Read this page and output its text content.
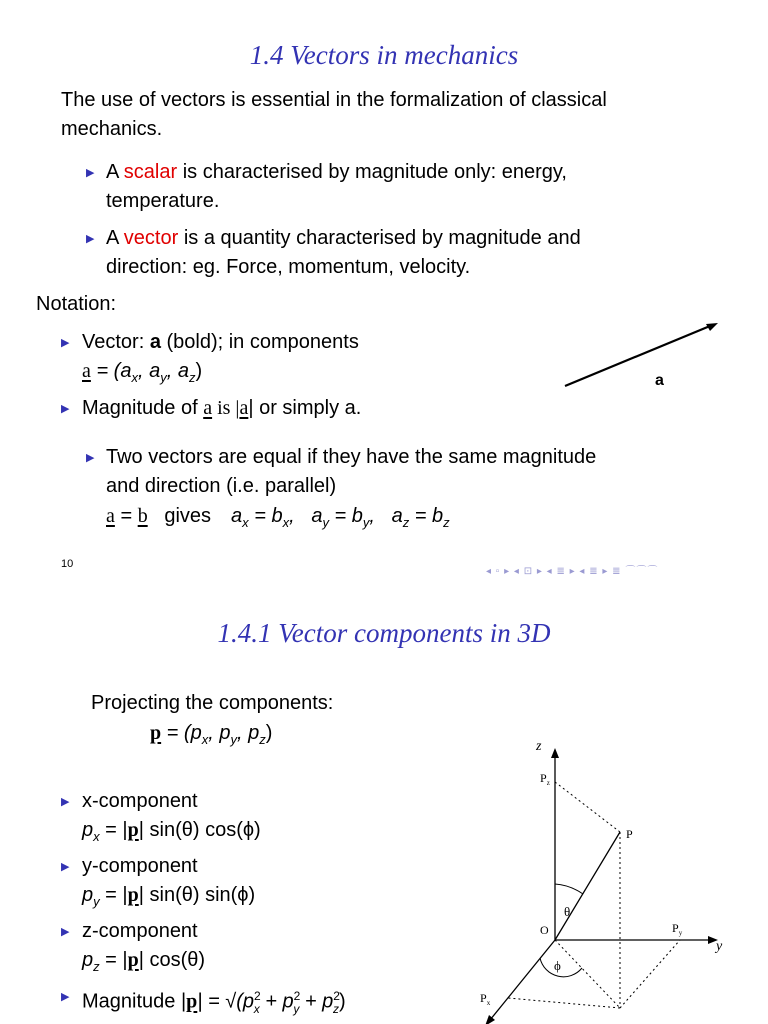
1.4 Vectors in mechanics
The use of vectors is essential in the formalization of classical
mechanics.
▶ A scalar is characterised by magnitude only: energy,
temperature.
▶ A vector is a quantity characterised by magnitude and
direction: eg. Force, momentum, velocity.
Notation:
▶ Vector: a (bold); in components
$a = (a_x$, $a_y$, $a_z$)
▶ Magnitude of a is |a| or simply a.
▶ Two vectors are equal if they have the same magnitude
and direction (i.e. parallel)
a = b   gives $a_x = b_x$,   $a_y = b_y$,   $a_z = b_z$
a
10
◂ ▫ ▸ ◂ ⊡ ▸ ◂ ≣ ▸ ◂ ≣ ▸ ≣ ⌒⌒⌒
1.4.1 Vector components in 3D
Projecting the components:
$p = (p_x$, $p_y$, $p_z$)
▶ x-component
$p_x = |p|$ sin(θ) cos(ϕ)
▶ y-component
$p_y = |p|$ sin(θ) sin(ϕ)
▶ z-component
$p_z = |p|$ cos(θ)
▶ Magnitude $|p| = √(p^2_x + p^2_y + p^2_z)$
z
$P_z$
P
θ
O	$P_y$
y
ϕ
$P_x$
